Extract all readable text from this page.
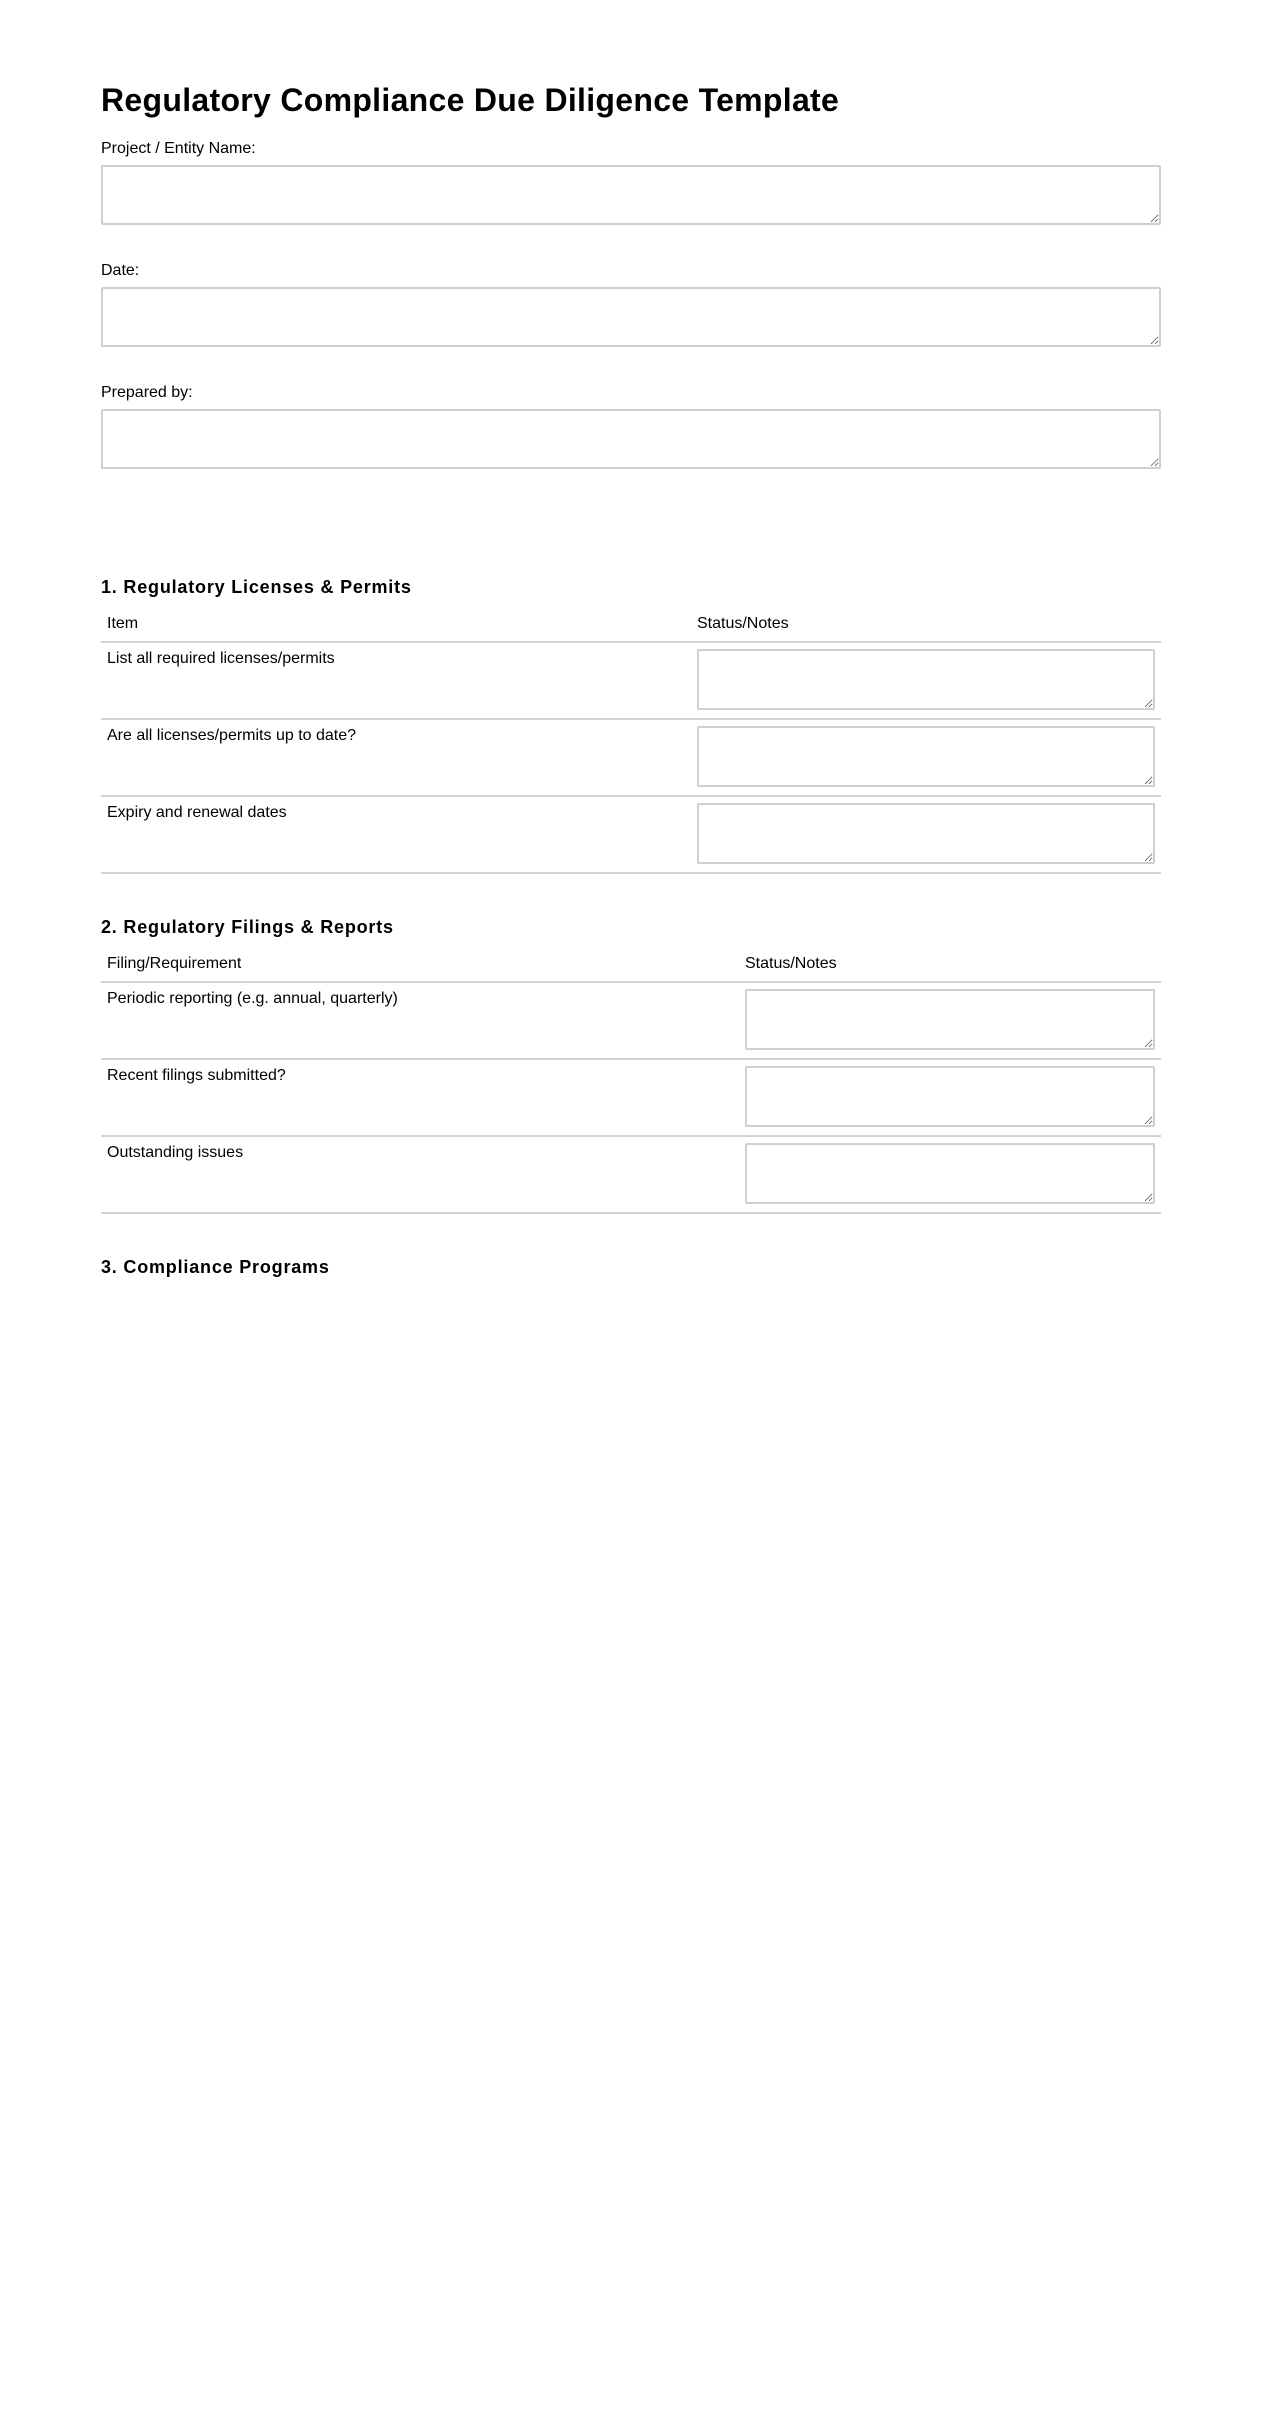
Regulatory Compliance Due Diligence Template
Project / Entity Name:
Date:
Prepared by:
1. Regulatory Licenses & Permits
Item	Status/Notes
List all required licenses/permits	

Are all licenses/permits up to date?	

Expiry and renewal dates	
2. Regulatory Filings & Reports
Filing/Requirement	Status/Notes
Periodic reporting (e.g. annual, quarterly)	

Recent filings submitted?	

Outstanding issues	
3. Compliance Programs
